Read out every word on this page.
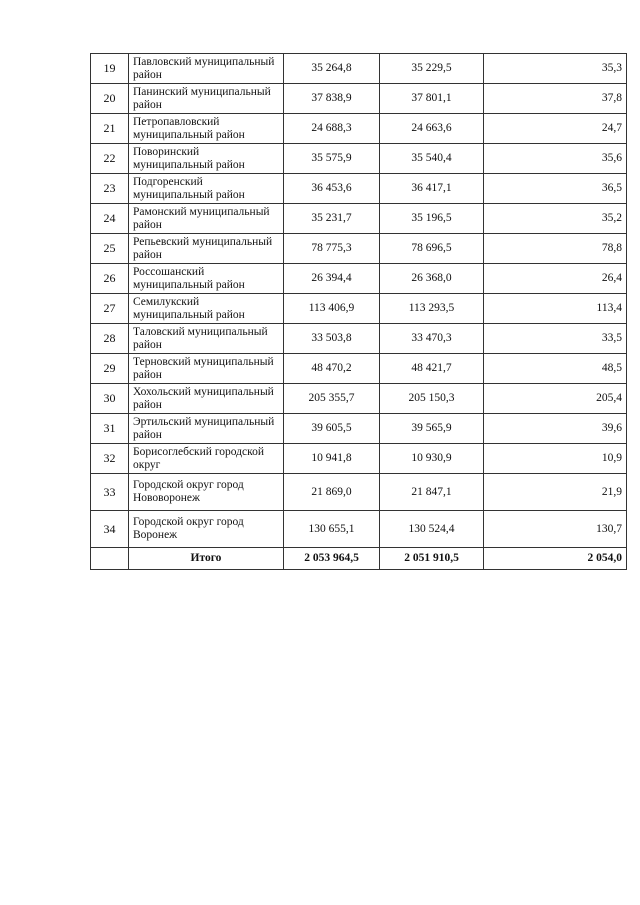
19	Павловский муниципальный район	35 264,8	35 229,5	35,3
20	Панинский муниципальный район	37 838,9	37 801,1	37,8
21	Петропавловский муниципальный район	24 688,3	24 663,6	24,7
22	Поворинский муниципальный район	35 575,9	35 540,4	35,6
23	Подгоренский муниципальный район	36 453,6	36 417,1	36,5
24	Рамонский муниципальный район	35 231,7	35 196,5	35,2
25	Репьевский муниципальный район	78 775,3	78 696,5	78,8
26	Россошанский муниципальный район	26 394,4	26 368,0	26,4
27	Семилукский муниципальный район	113 406,9	113 293,5	113,4
28	Таловский муниципальный район	33 503,8	33 470,3	33,5
29	Терновский муниципальный район	48 470,2	48 421,7	48,5
30	Хохольский муниципальный район	205 355,7	205 150,3	205,4
31	Эртильский муниципальный район	39 605,5	39 565,9	39,6
32	Борисоглебский городской округ	10 941,8	10 930,9	10,9
33	Городской округ город Нововоронеж	21 869,0	21 847,1	21,9
34	Городской округ город Воронеж	130 655,1	130 524,4	130,7
	Итого	2 053 964,5	2 051 910,5	2 054,0
